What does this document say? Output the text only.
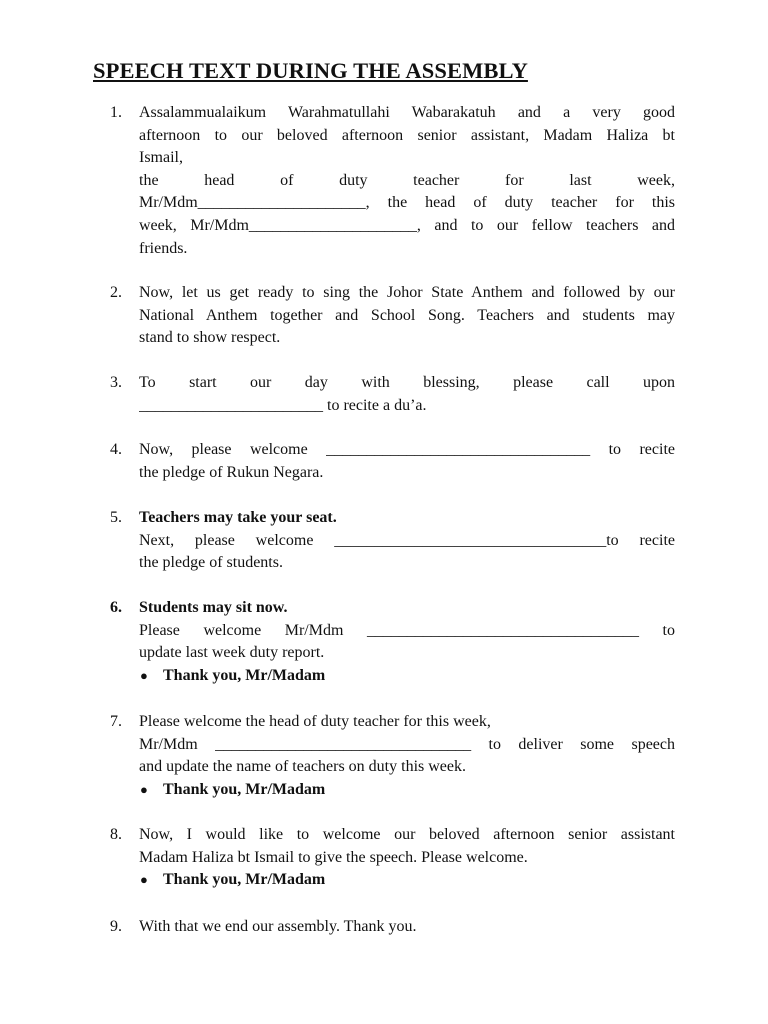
SPEECH TEXT DURING THE ASSEMBLY
1.	Assalammualaikum Warahmatullahi Wabarakatuh and a very good
afternoon to our beloved afternoon senior assistant, Madam Haliza bt
Ismail,
the head of duty teacher for last week,
Mr/Mdm_____________________, the head of duty teacher for this
week, Mr/Mdm_____________________, and to our fellow teachers and
friends.
2.	Now, let us get ready to sing the Johor State Anthem and followed by our
National Anthem together and School Song. Teachers and students may
stand to show respect.
3.	To start our day with blessing, please call upon
_______________________ to recite a du’a.
4.	Now, please welcome _________________________________ to recite
the pledge of Rukun Negara.
5.	Teachers may take your seat.
Next, please welcome __________________________________to recite
the pledge of students.
6.	Students may sit now.
Please welcome Mr/Mdm __________________________________ to
update last week duty report.
● Thank you, Mr/Madam
7.	Please welcome the head of duty teacher for this week,
Mr/Mdm ________________________________ to deliver some speech
and update the name of teachers on duty this week.
● Thank you, Mr/Madam
8.	Now, I would like to welcome our beloved afternoon senior assistant
Madam Haliza bt Ismail to give the speech. Please welcome.
● Thank you, Mr/Madam
9.	With that we end our assembly. Thank you.
